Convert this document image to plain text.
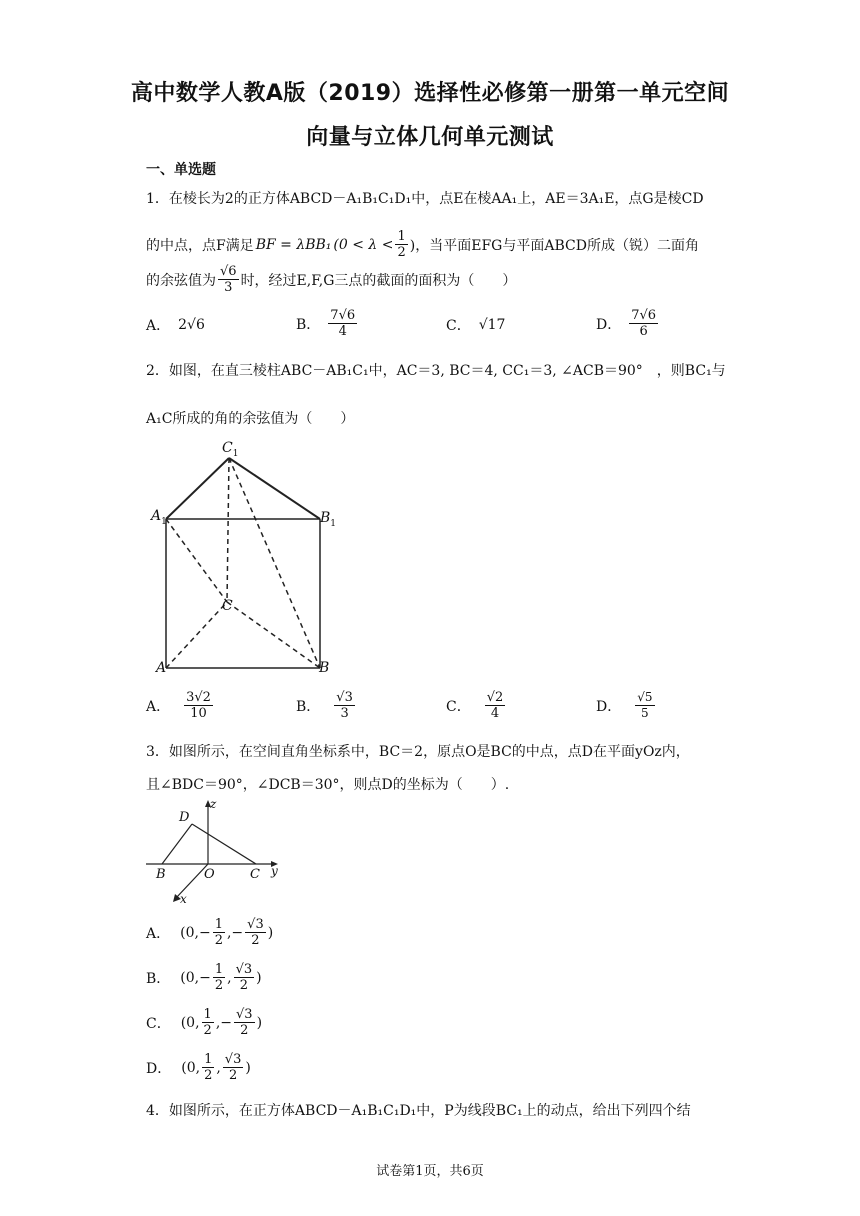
高中数学人教A版（2019）选择性必修第一册第一单元空间
向量与立体几何单元测试
一、单选题
1．在棱长为2的正方体ABCD－A₁B₁C₁D₁中，点E在棱AA₁上，AE＝3A₁E，点G是棱CD
的中点，点F满足 BF = λBB₁ ($0 < \lambda < \frac{1}{2}$ )，当平面EFG与平面ABCD所成（锐）二面角
的余弦值为 $\frac{√6}{3}$ 时，经过E,F,G三点的截面的面积为（　　）
A． 2√6	B． $\frac{7√6}{4}$	C． √17	D． $\frac{7√6}{6}$
2．如图，在直三棱柱ABC－AB₁C₁中，AC＝3, BC＝4, CC₁＝3, ∠ACB＝90°　，则BC₁与
A₁C所成的角的余弦值为（　　）
$C_1$
$A_1$	$B_1$
C
A	B
A． $\frac{3√2}{10}$	B． $\frac{√3}{3}$	C． $\frac{√2}{4}$	D． $\frac{√5}{5}$
3．如图所示，在空间直角坐标系中，BC＝2，原点O是BC的中点，点D在平面yOz内，
且∠BDC＝90°，∠DCB＝30°，则点D的坐标为（　　）.
z
D
B	O	C y
x
A． ($0,- \frac{1}{2}$ ,− $\frac{√3}{2}$ )
B． ($0,- \frac{1}{2}$ , $\frac{√3}{2}$ )
C． (0, $\frac{1}{2}$ ,− $\frac{√3}{2}$ )
D． (0, $\frac{1}{2}$ , $\frac{√3}{2}$ )
4．如图所示，在正方体ABCD－A₁B₁C₁D₁中，P为线段BC₁上的动点，给出下列四个结
试卷第1页，共6页
